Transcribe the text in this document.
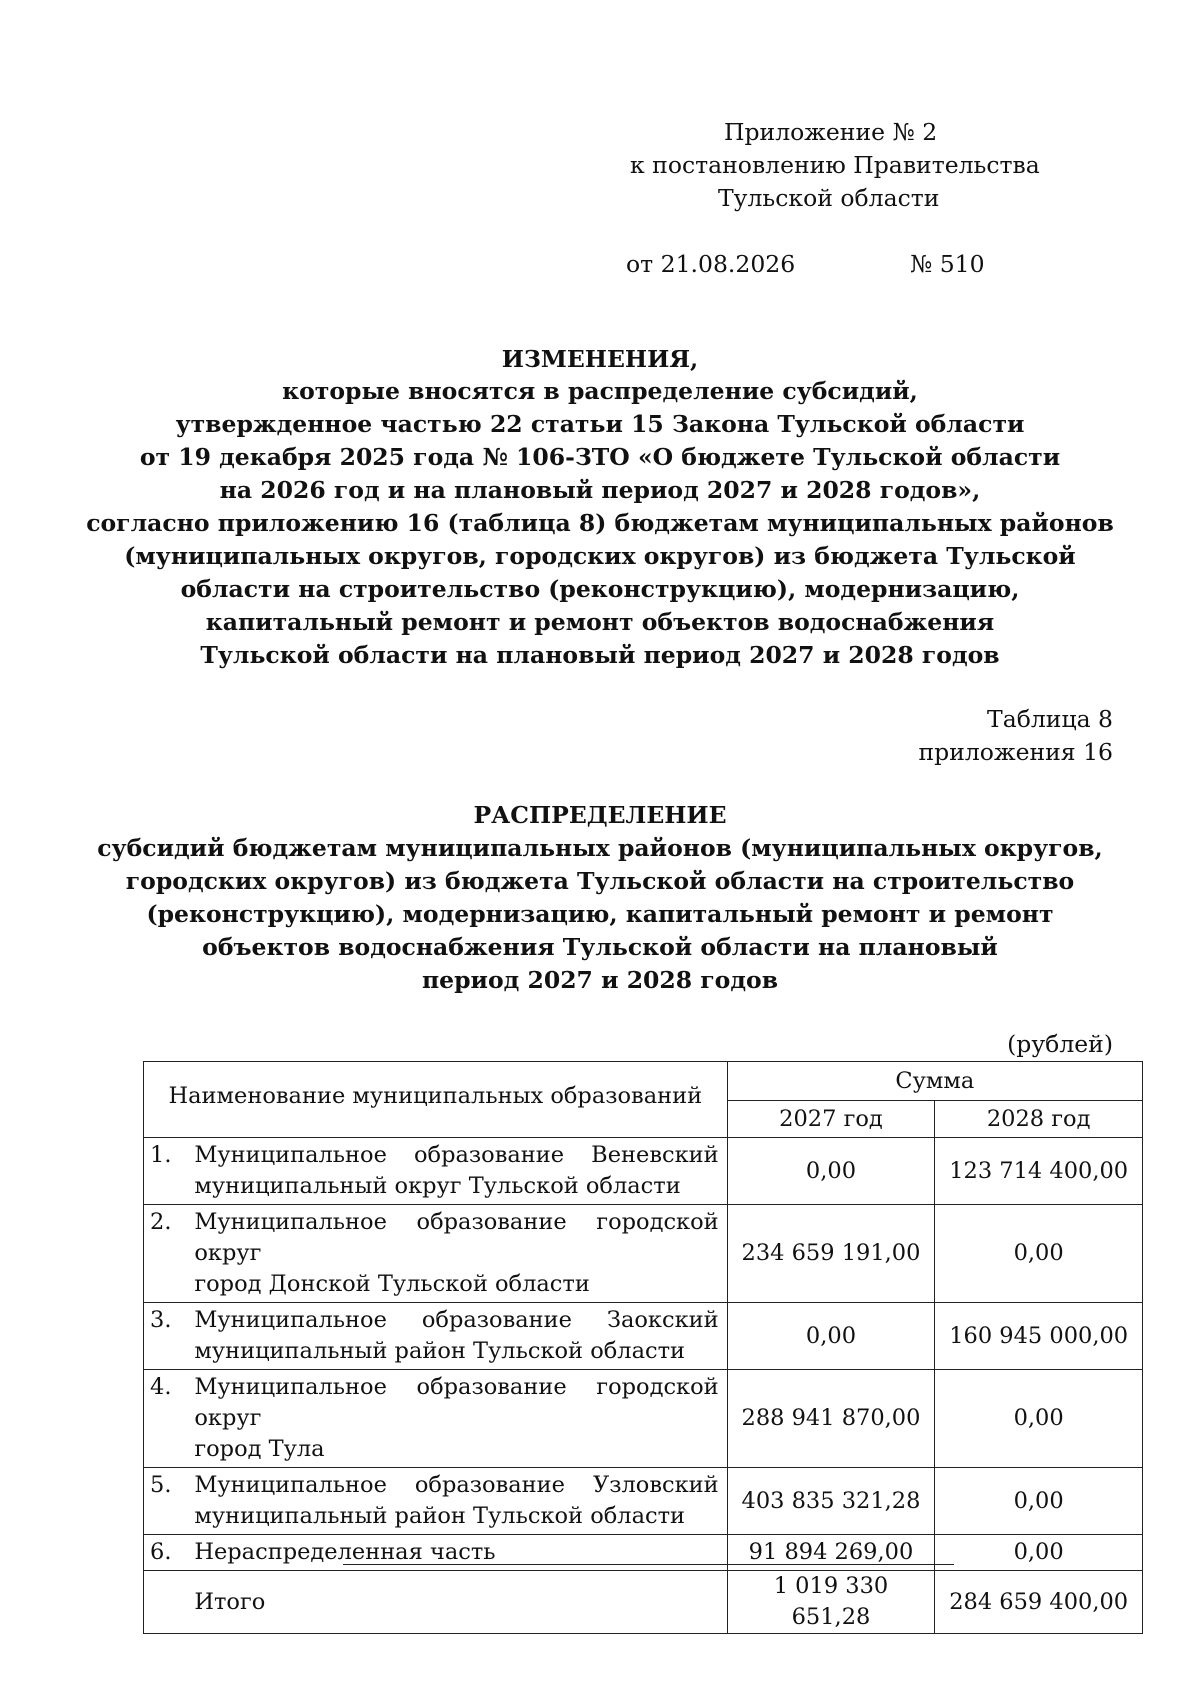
Приложение № 2
к постановлению Правительства
Тульской области
от 21.08.2026	№ 510
ИЗМЕНЕНИЯ,
которые вносятся в распределение субсидий,
утвержденное частью 22 статьи 15 Закона Тульской области
от 19 декабря 2025 года № 106-ЗТО «О бюджете Тульской области
на 2026 год и на плановый период 2027 и 2028 годов»,
согласно приложению 16 (таблица 8) бюджетам муниципальных районов
(муниципальных округов, городских округов) из бюджета Тульской
области на строительство (реконструкцию), модернизацию,
капитальный ремонт и ремонт объектов водоснабжения
Тульской области на плановый период 2027 и 2028 годов
Таблица 8
приложения 16
РАСПРЕДЕЛЕНИЕ
субсидий бюджетам муниципальных районов (муниципальных округов,
городских округов) из бюджета Тульской области на строительство
(реконструкцию), модернизацию, капитальный ремонт и ремонт
объектов водоснабжения Тульской области на плановый
период 2027 и 2028 годов
(рублей)
Наименование муниципальных образований		Сумма	
		2027 год	2028 год
1.	Муниципальное образование Веневский
муниципальный округ Тульской области	0,00	123 714 400,00
2.	Муниципальное образование городской округ
город Донской Тульской области	234 659 191,00	0,00
3.	Муниципальное образование Заокский
муниципальный район Тульской области	0,00	160 945 000,00
4.	Муниципальное образование городской округ
город Тула	288 941 870,00	0,00
5.	Муниципальное образование Узловский
муниципальный район Тульской области	403 835 321,28	0,00
6.	Нераспределенная часть	91 894 269,00	0,00
	Итого	1 019 330 651,28	284 659 400,00
